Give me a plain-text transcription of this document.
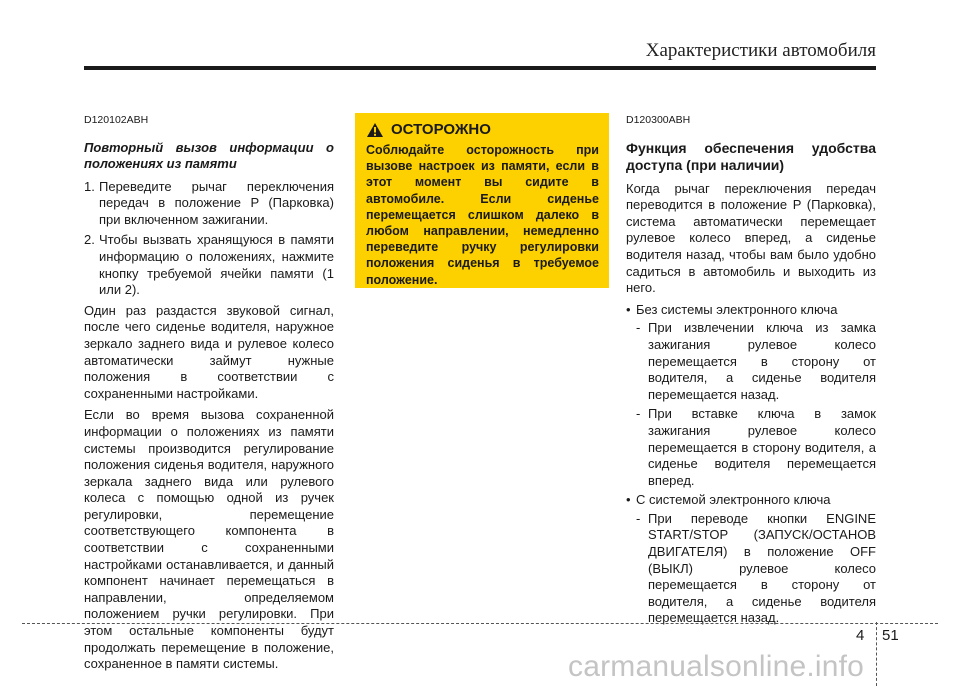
Характеристики автомобиля
D120102ABH
Повторный вызов информации о положениях из памяти
1. Переведите рычаг переключения передач в положение P (Парковка) при включенном зажигании.
2. Чтобы вызвать хранящуюся в памяти информацию о положениях, нажмите кнопку требуемой ячейки памяти (1 или 2).

Один раз раздастся звуковой сигнал, после чего сиденье водителя, наружное зеркало заднего вида и рулевое колесо автоматически займут нужные положения в соответствии с сохраненными настройками.

Если во время вызова сохраненной информации о положениях из памяти системы производится регулирование положения сиденья водителя, наружного зеркала заднего вида или рулевого колеса с помощью одной из ручек регулировки, перемещение соответствующего компонента в соответствии с сохраненными настройками останавливается, и данный компонент начинает перемещаться в направлении, определяемом положением ручки регулировки. При этом остальные компоненты будут продолжать перемещение в положение, сохраненное в памяти системы.

ОСТОРОЖНО
Соблюдайте осторожность при вызове настроек из памяти, если в этот момент вы сидите в автомобиле. Если сиденье перемещается слишком далеко в любом направлении, немедленно переведите ручку регулировки положения сиденья в требуемое положение.
D120300ABH
Функция обеспечения удобства доступа (при наличии)

Когда рычаг переключения передач переводится в положение P (Парковка), система автоматически перемещает рулевое колесо вперед, а сиденье водителя назад, чтобы вам было удобно садиться в автомобиль и выходить из него.

• Без системы электронного ключа
- При извлечении ключа из замка зажигания рулевое колесо перемещается в сторону от водителя, а сиденье водителя перемещается назад.
- При вставке ключа в замок зажигания рулевое колесо перемещается в сторону водителя, а сиденье водителя перемещается вперед.
• С системой электронного ключа
- При переводе кнопки ENGINE START/STOP (ЗАПУСК/ОСТАНОВ ДВИГАТЕЛЯ) в положение OFF (ВЫКЛ) рулевое колесо перемещается в сторону от водителя, а сиденье водителя перемещается назад.
4 51
carmanualsonline.info
